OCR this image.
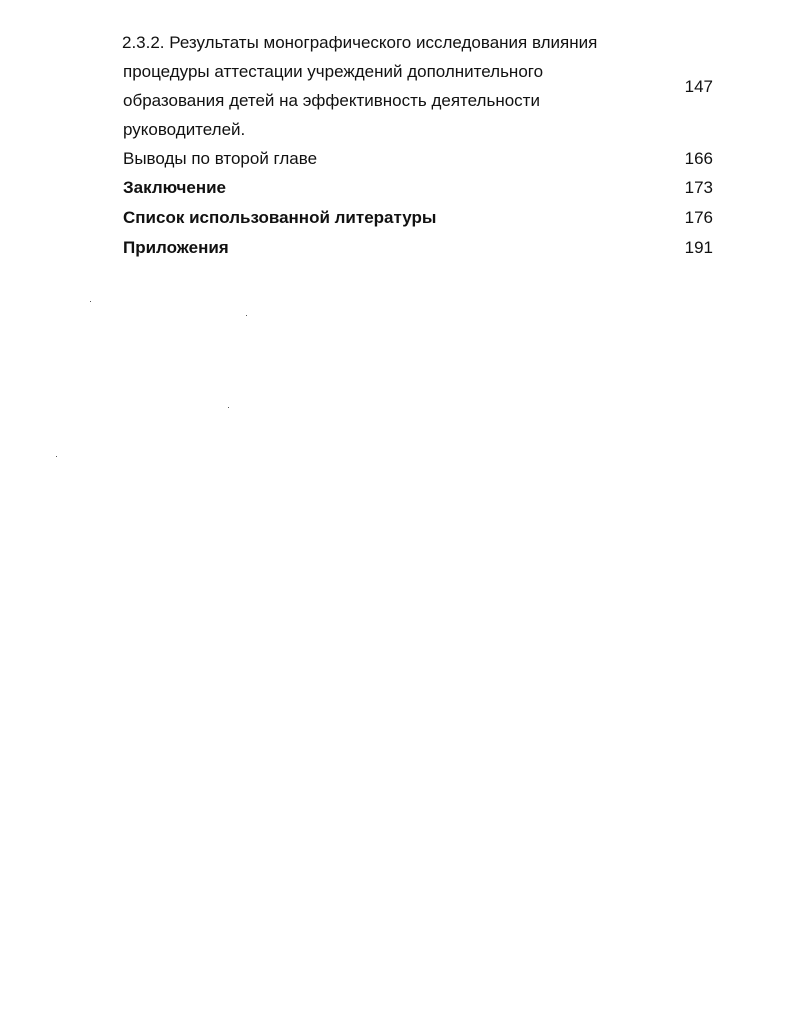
2.3.2. Результаты монографического исследования влияния
процедуры аттестации учреждений дополнительного
образования детей на эффективность деятельности
руководителей.
147
Выводы по второй главе	166
Заключение	173
Список использованной литературы	176
Приложения	191
